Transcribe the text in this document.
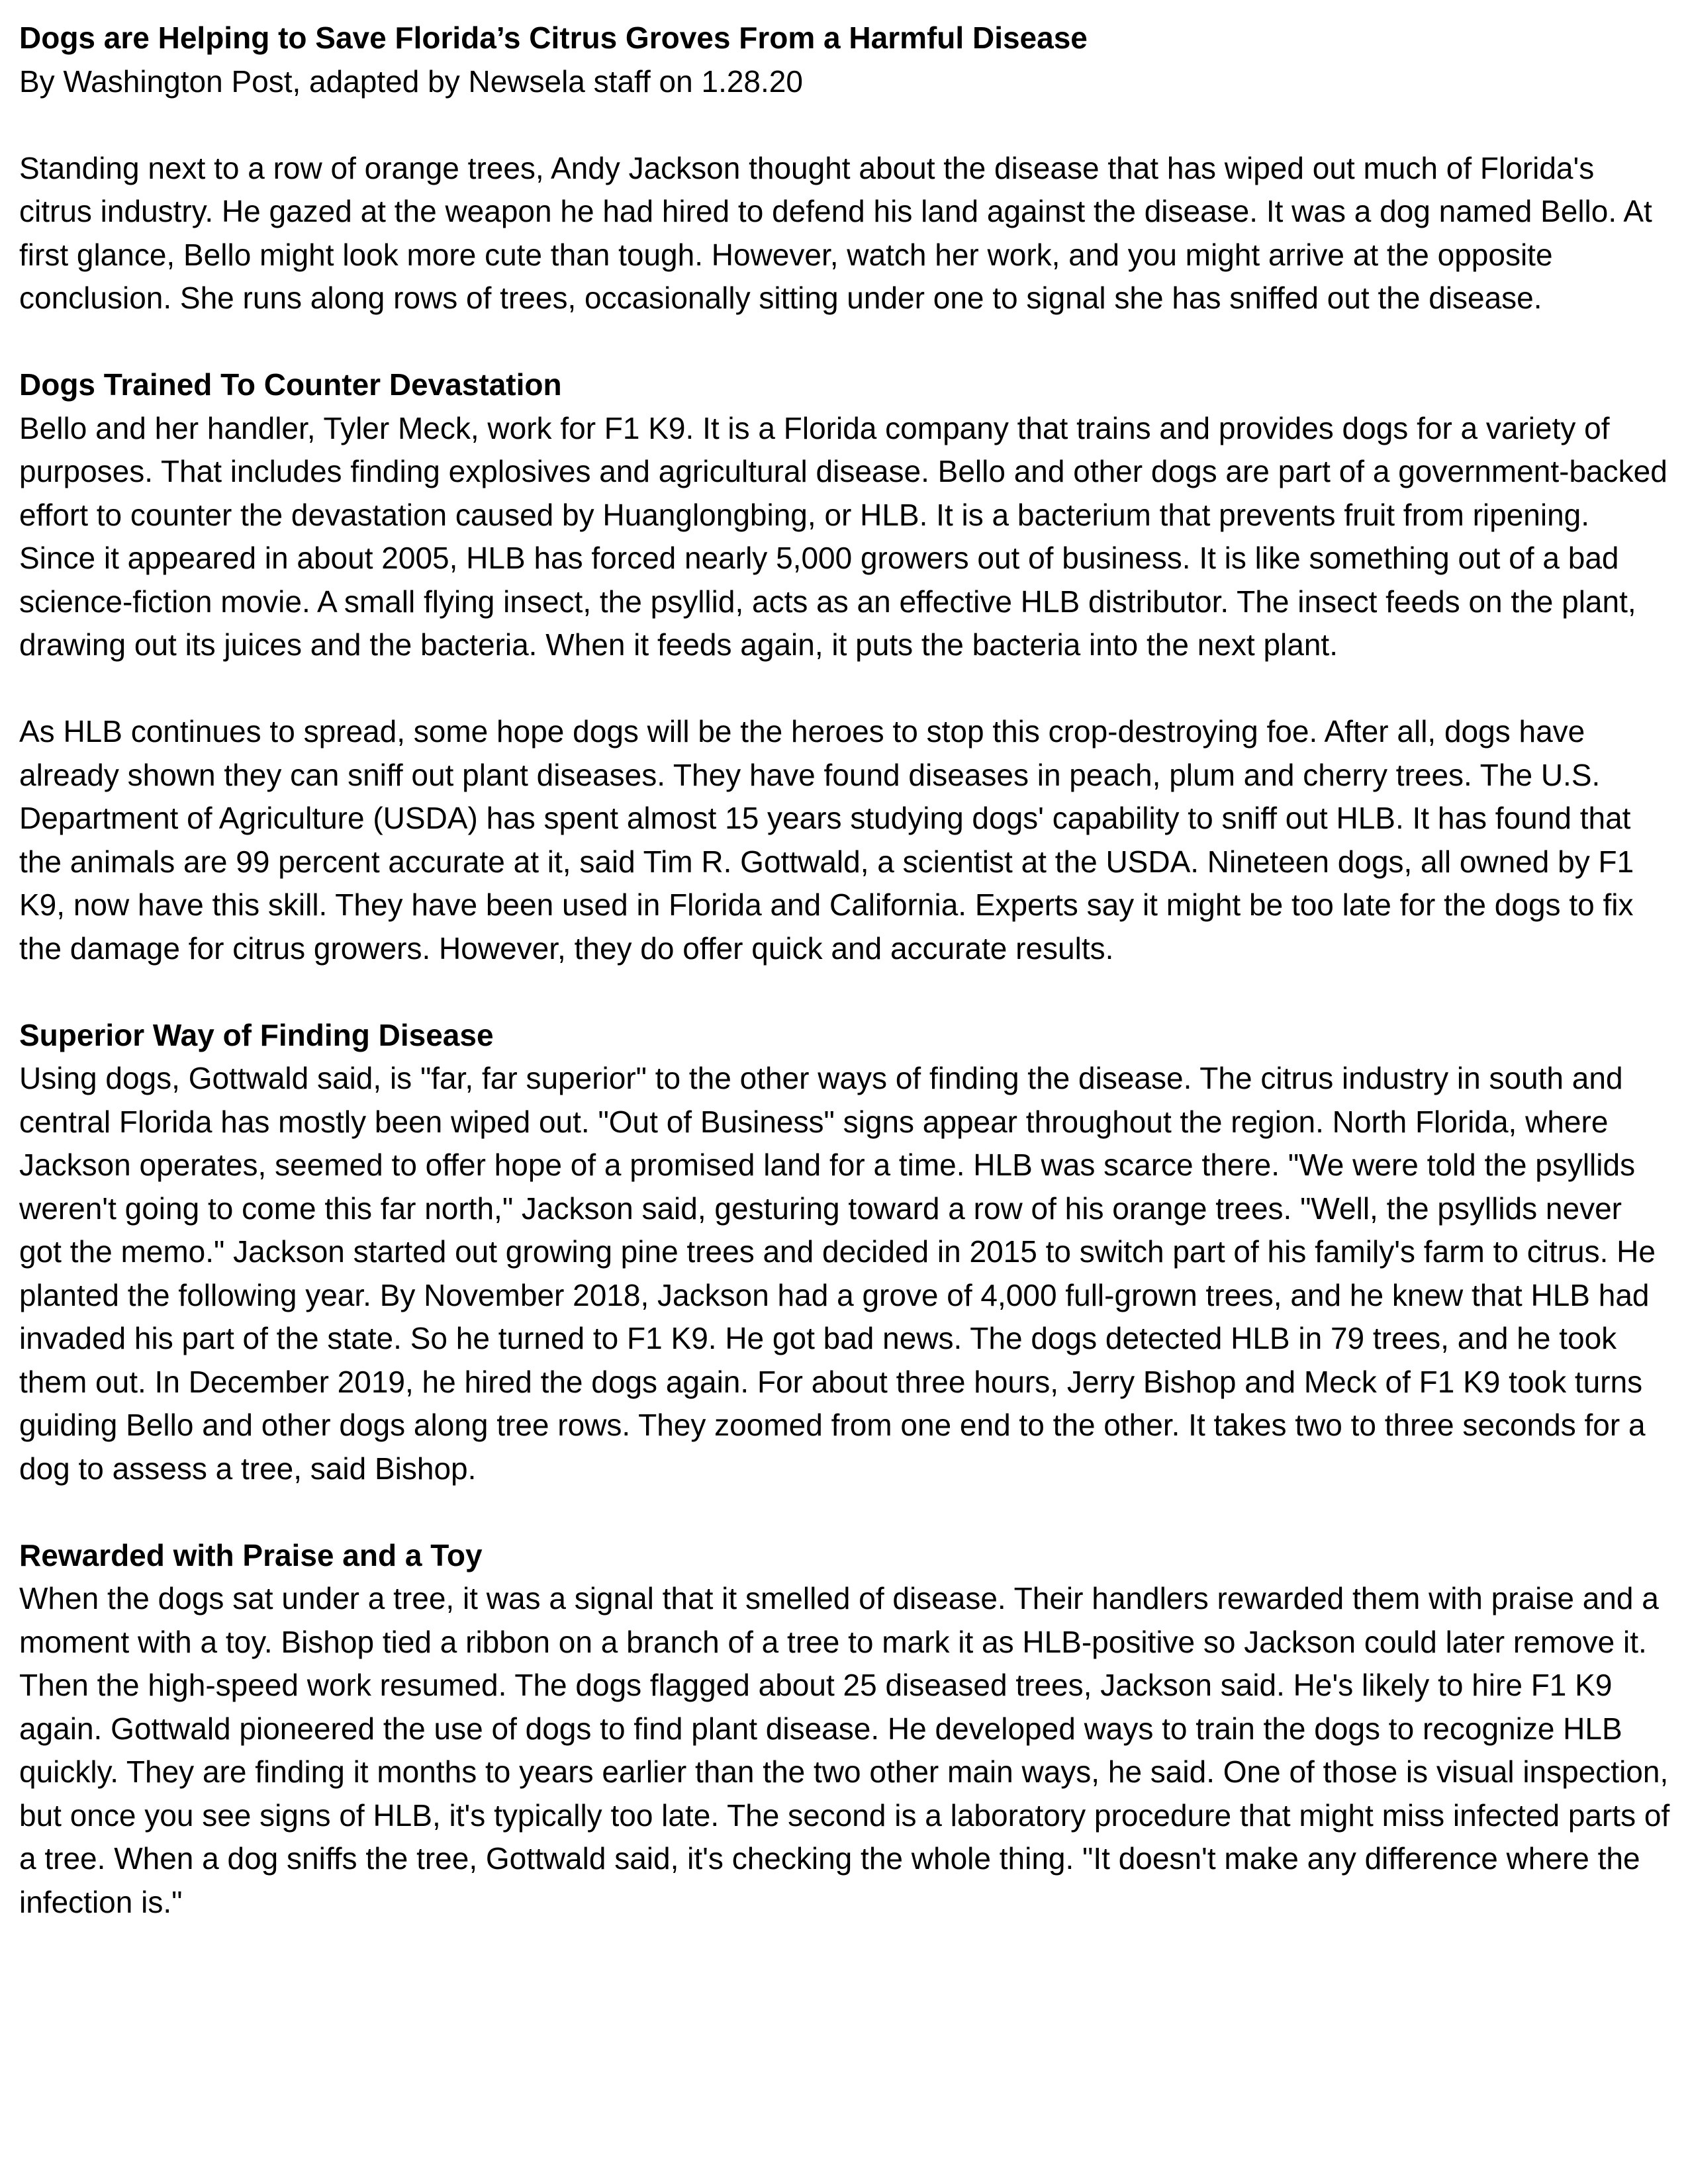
Dogs are Helping to Save Florida’s Citrus Groves From a Harmful Disease

By Washington Post, adapted by Newsela staff on 1.28.20

Standing next to a row of orange trees, Andy Jackson thought about the disease that has wiped out much of Florida's citrus industry. He gazed at the weapon he had hired to defend his land against the disease. It was a dog named Bello. At first glance, Bello might look more cute than tough. However, watch her work, and you might arrive at the opposite conclusion. She runs along rows of trees, occasionally sitting under one to signal she has sniffed out the disease.

Dogs Trained To Counter Devastation

Bello and her handler, Tyler Meck, work for F1 K9. It is a Florida company that trains and provides dogs for a variety of purposes. That includes finding explosives and agricultural disease. Bello and other dogs are part of a government-backed effort to counter the devastation caused by Huanglongbing, or HLB. It is a bacterium that prevents fruit from ripening. Since it appeared in about 2005, HLB has forced nearly 5,000 growers out of business. It is like something out of a bad science-fiction movie. A small flying insect, the psyllid, acts as an effective HLB distributor. The insect feeds on the plant, drawing out its juices and the bacteria. When it feeds again, it puts the bacteria into the next plant.

As HLB continues to spread, some hope dogs will be the heroes to stop this crop-destroying foe. After all, dogs have already shown they can sniff out plant diseases. They have found diseases in peach, plum and cherry trees. The U.S. Department of Agriculture (USDA) has spent almost 15 years studying dogs' capability to sniff out HLB. It has found that the animals are 99 percent accurate at it, said Tim R. Gottwald, a scientist at the USDA. Nineteen dogs, all owned by F1 K9, now have this skill. They have been used in Florida and California. Experts say it might be too late for the dogs to fix the damage for citrus growers. However, they do offer quick and accurate results.

Superior Way of Finding Disease

Using dogs, Gottwald said, is "far, far superior" to the other ways of finding the disease. The citrus industry in south and central Florida has mostly been wiped out. "Out of Business" signs appear throughout the region. North Florida, where Jackson operates, seemed to offer hope of a promised land for a time. HLB was scarce there. "We were told the psyllids weren't going to come this far north," Jackson said, gesturing toward a row of his orange trees. "Well, the psyllids never got the memo." Jackson started out growing pine trees and decided in 2015 to switch part of his family's farm to citrus. He planted the following year. By November 2018, Jackson had a grove of 4,000 full-grown trees, and he knew that HLB had invaded his part of the state. So he turned to F1 K9. He got bad news. The dogs detected HLB in 79 trees, and he took them out. In December 2019, he hired the dogs again. For about three hours, Jerry Bishop and Meck of F1 K9 took turns guiding Bello and other dogs along tree rows. They zoomed from one end to the other. It takes two to three seconds for a dog to assess a tree, said Bishop.

Rewarded with Praise and a Toy

When the dogs sat under a tree, it was a signal that it smelled of disease. Their handlers rewarded them with praise and a moment with a toy. Bishop tied a ribbon on a branch of a tree to mark it as HLB-positive so Jackson could later remove it. Then the high-speed work resumed. The dogs flagged about 25 diseased trees, Jackson said. He's likely to hire F1 K9 again. Gottwald pioneered the use of dogs to find plant disease. He developed ways to train the dogs to recognize HLB quickly. They are finding it months to years earlier than the two other main ways, he said. One of those is visual inspection, but once you see signs of HLB, it's typically too late. The second is a laboratory procedure that might miss infected parts of a tree. When a dog sniffs the tree, Gottwald said, it's checking the whole thing. "It doesn't make any difference where the infection is."
